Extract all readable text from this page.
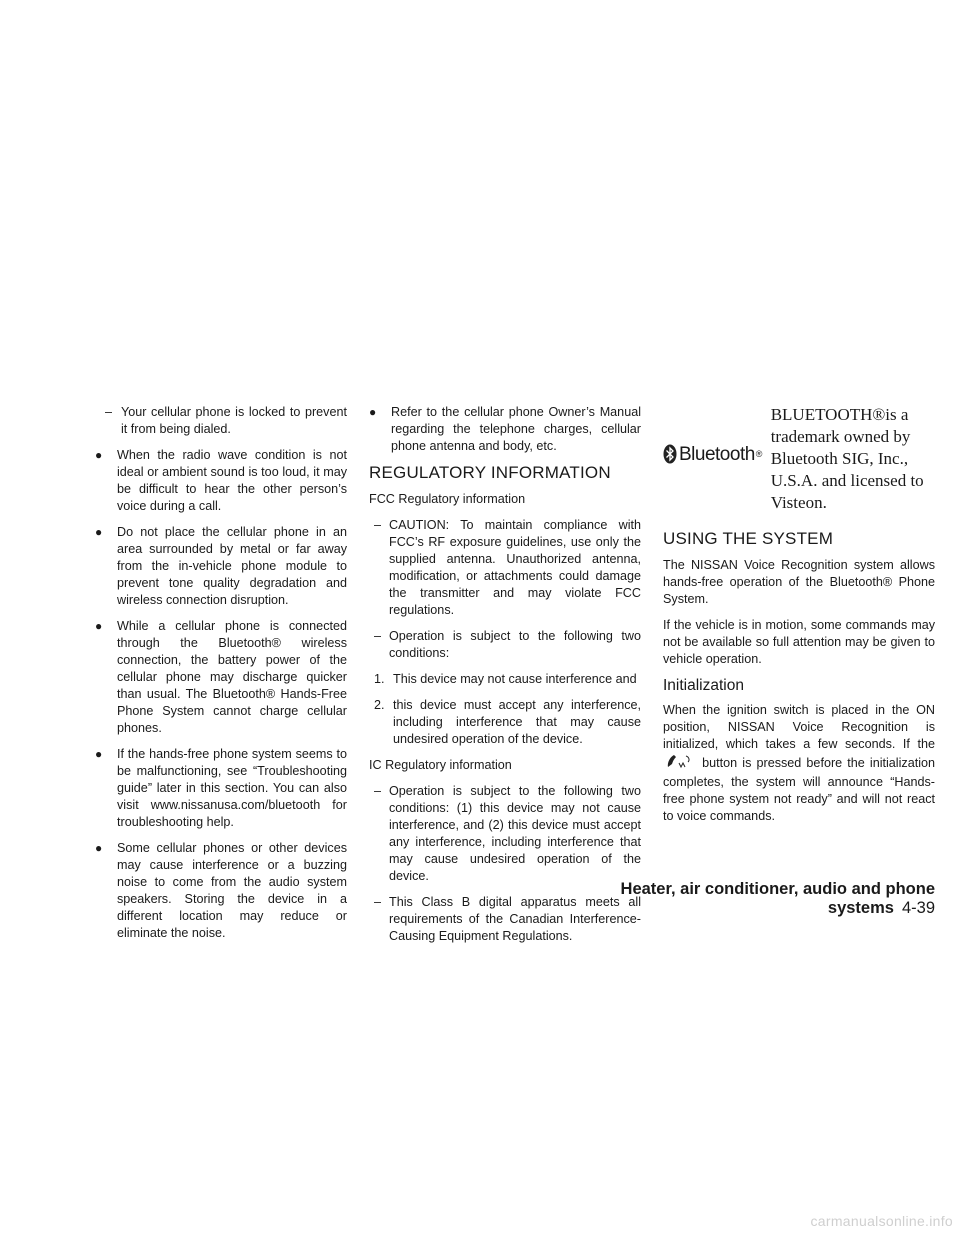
– Your cellular phone is locked to prevent it from being dialed.
● When the radio wave condition is not ideal or ambient sound is too loud, it may be difficult to hear the other person’s voice during a call.
● Do not place the cellular phone in an area surrounded by metal or far away from the in-vehicle phone module to prevent tone quality degradation and wireless connection disruption.
● While a cellular phone is connected through the Bluetooth® wireless connection, the battery power of the cellular phone may discharge quicker than usual. The Bluetooth® Hands-Free Phone System cannot charge cellular phones.
● If the hands-free phone system seems to be malfunctioning, see “Troubleshooting guide” later in this section. You can also visit www.nissanusa.com/bluetooth for troubleshooting help.
● Some cellular phones or other devices may cause interference or a buzzing noise to come from the audio system speakers. Storing the device in a different location may reduce or eliminate the noise.
● Refer to the cellular phone Owner’s Manual regarding the telephone charges, cellular phone antenna and body, etc.
REGULATORY INFORMATION

FCC Regulatory information

– CAUTION: To maintain compliance with FCC’s RF exposure guidelines, use only the supplied antenna. Unauthorized antenna, modification, or attachments could damage the transmitter and may violate FCC regulations.
– Operation is subject to the following two conditions:
1. This device may not cause interference and
2. this device must accept any interference, including interference that may cause undesired operation of the device.

IC Regulatory information

– Operation is subject to the following two conditions: (1) this device may not cause interference, and (2) this device must accept any interference, including interference that may cause undesired operation of the device.
– This Class B digital apparatus meets all requirements of the Canadian Interference-Causing Equipment Regulations.
Bluetooth ®
BLUETOOTH®is a trademark owned by Bluetooth SIG, Inc., U.S.A. and licensed to Visteon.
USING THE SYSTEM

The NISSAN Voice Recognition system allows hands-free operation of the Bluetooth® Phone System.

If the vehicle is in motion, some commands may not be available so full attention may be given to vehicle operation.

Initialization

When the ignition switch is placed in the ON position, NISSAN Voice Recognition is initialized, which takes a few seconds. If the  button is pressed before the initialization completes, the system will announce “Hands-free phone system not ready” and will not react to voice commands.

Heater, air conditioner, audio and phone systems 4-39
carmanualsonline.info
